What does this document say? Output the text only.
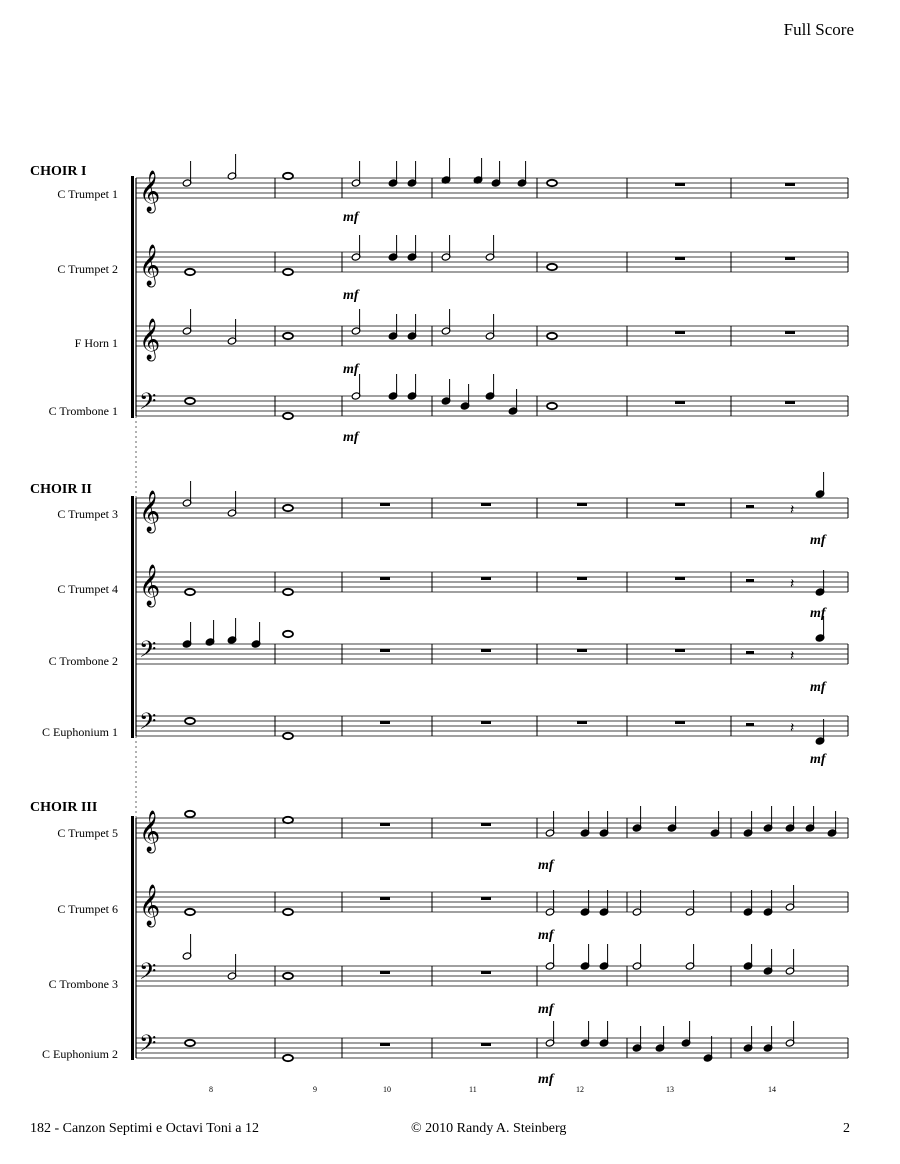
Full Score
CHOIR I
CHOIR II
CHOIR III
C Trumpet 1
C Trumpet 2
F Horn 1
C Trombone 1
C Trumpet 3
C Trumpet 4
C Trombone 2
C Euphonium 1
C Trumpet 5
C Trumpet 6
C Trombone 3
C Euphonium 2
8	9	10	11	12	13	14
mf
mf
mf
mf
mf
mf
mf
mf
mf
mf
mf
mf
182 - Canzon Septimi e Octavi Toni a 12	© 2010 Randy A. Steinberg	2
𝄞
𝄞
𝄞
𝄢
𝄞
𝄞
𝄢
𝄢
𝄞
𝄞
𝄢
𝄢
𝄽
𝄽
𝄽
𝄽
